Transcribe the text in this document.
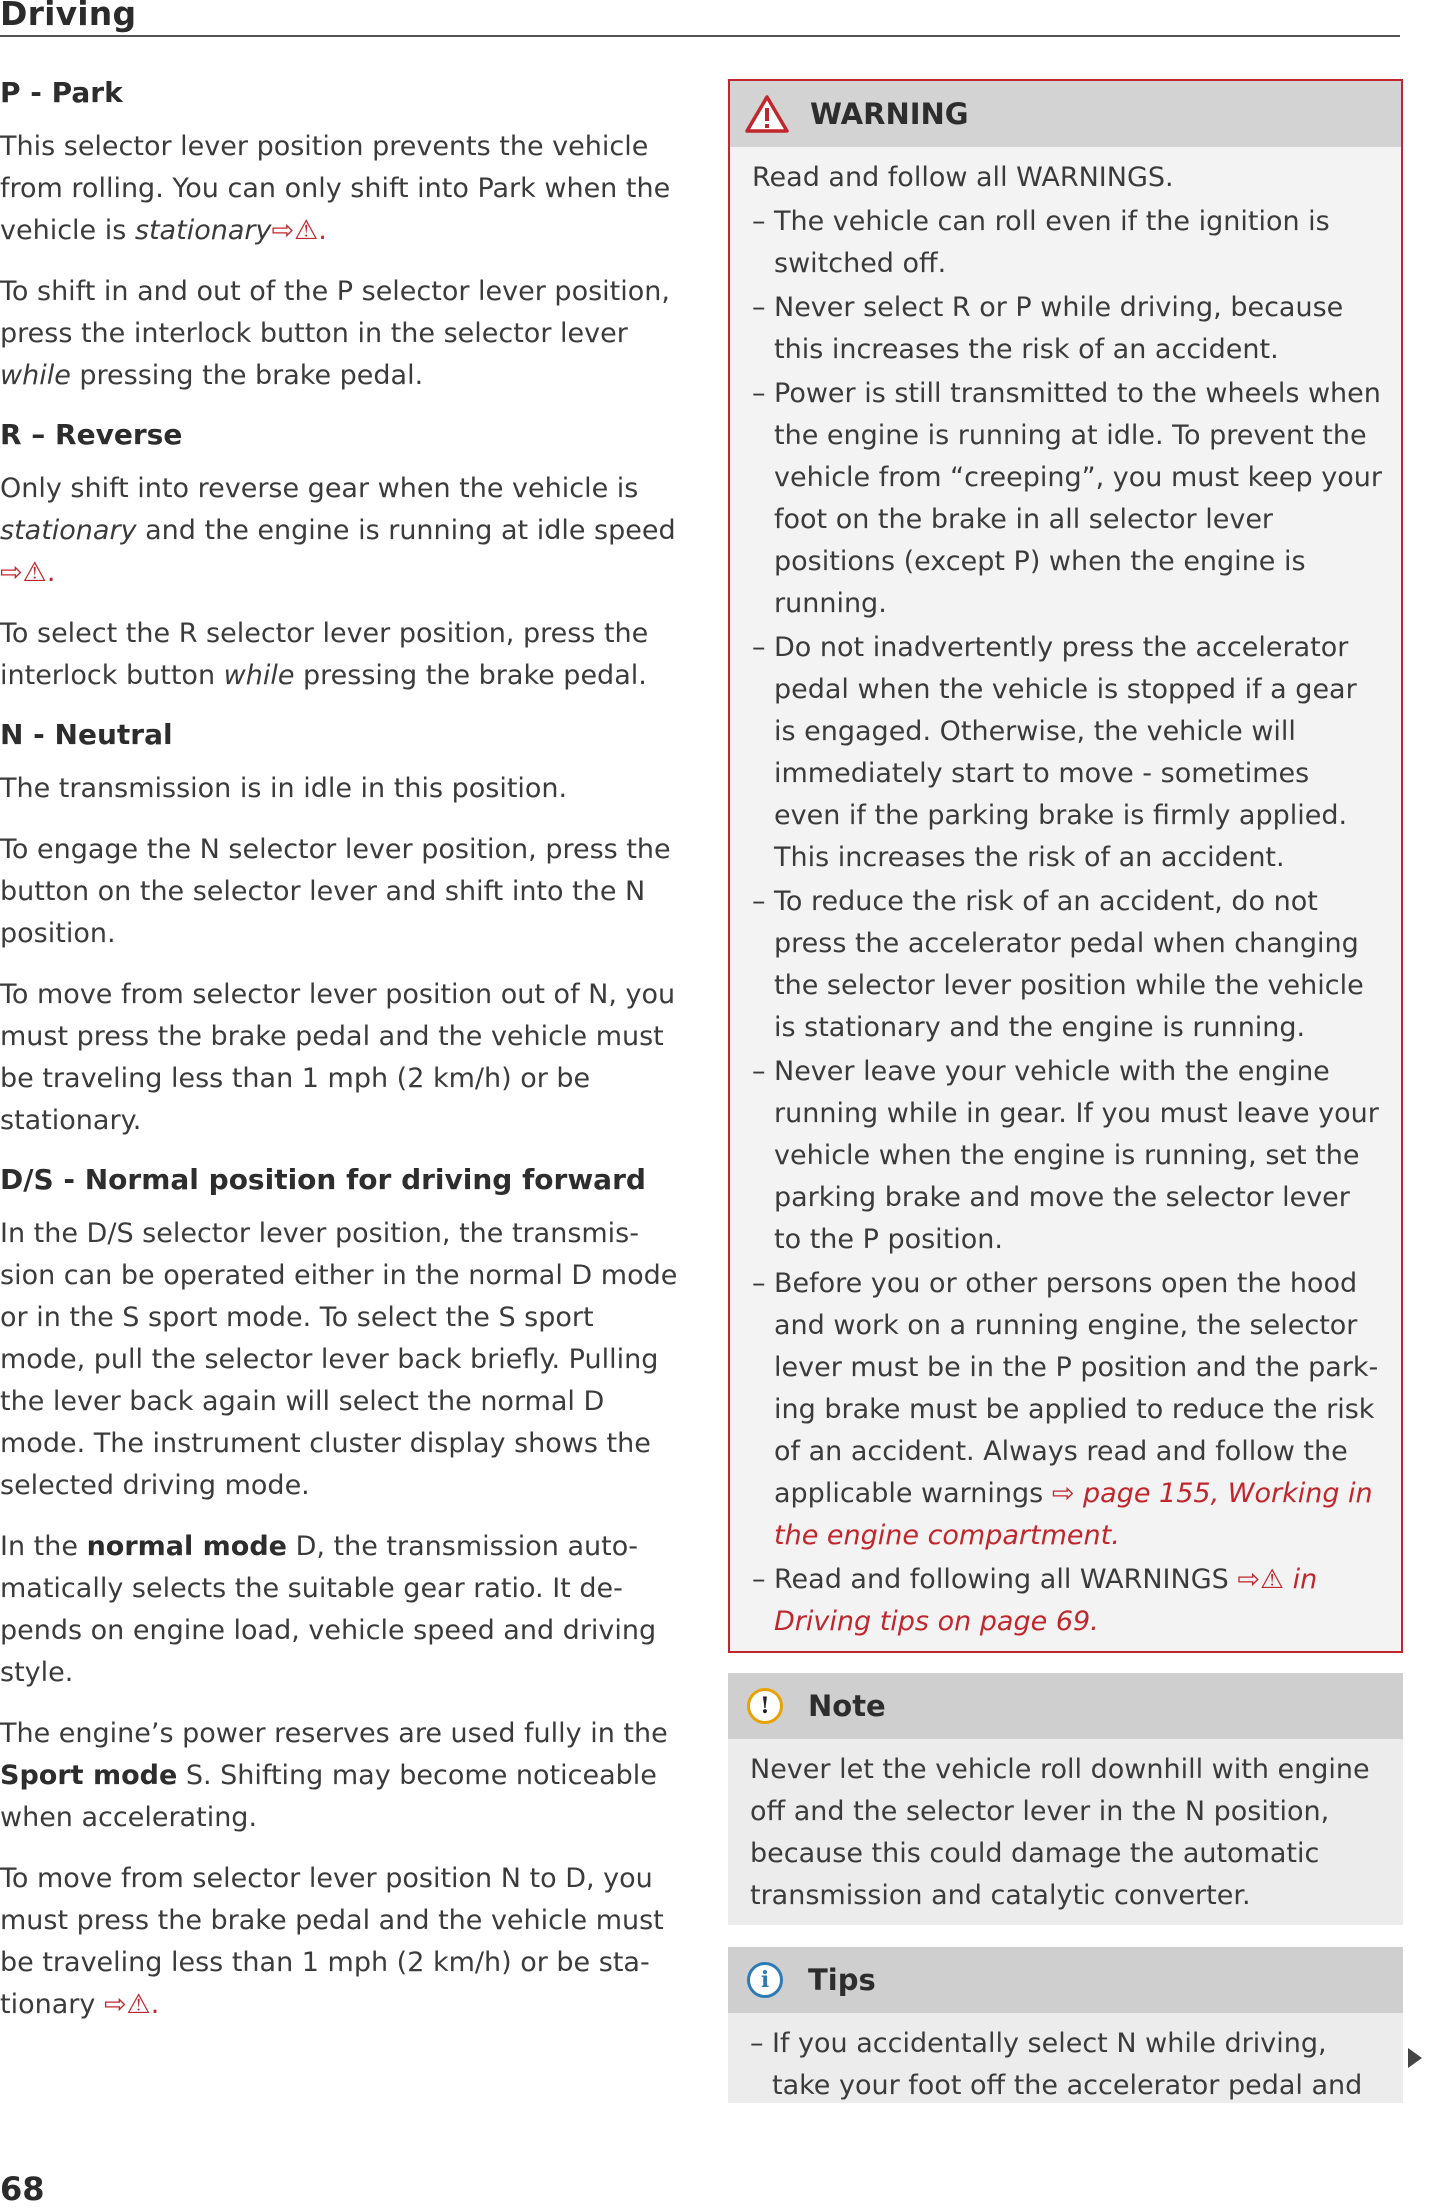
Driving
P - Park

This selector lever position prevents the vehicle from rolling. You can only shift into Park when the vehicle is stationary⇨⚠.

To shift in and out of the P selector lever position, press the interlock button in the selector lever while pressing the brake pedal.

R – Reverse

Only shift into reverse gear when the vehicle is stationary and the engine is running at idle speed ⇨⚠.

To select the R selector lever position, press the interlock button while pressing the brake pedal.

N - Neutral

The transmission is in idle in this position.

To engage the N selector lever position, press the button on the selector lever and shift into the N position.

To move from selector lever position out of N, you must press the brake pedal and the vehicle must be traveling less than 1 mph (2 km/h) or be stationary.

D/S - Normal position for driving forward

In the D/S selector lever position, the transmission can be operated either in the normal D mode or in the S sport mode. To select the S sport mode, pull the selector lever back briefly. Pulling the lever back again will select the normal D mode. The instrument cluster display shows the selected driving mode.

In the normal mode D, the transmission automatically selects the suitable gear ratio. It depends on engine load, vehicle speed and driving style.

The engine’s power reserves are used fully in the Sport mode S. Shifting may become noticeable when accelerating.

To move from selector lever position N to D, you must press the brake pedal and the vehicle must be traveling less than 1 mph (2 km/h) or be stationary ⇨⚠.

WARNING

Read and follow all WARNINGS.

– The vehicle can roll even if the ignition is switched off.
– Never select R or P while driving, because this increases the risk of an accident.
– Power is still transmitted to the wheels when the engine is running at idle. To prevent the vehicle from “creeping”, you must keep your foot on the brake in all selector lever positions (except P) when the engine is running.
– Do not inadvertently press the accelerator pedal when the vehicle is stopped if a gear is engaged. Otherwise, the vehicle will immediately start to move - sometimes even if the parking brake is firmly applied. This increases the risk of an accident.
– To reduce the risk of an accident, do not press the accelerator pedal when changing the selector lever position while the vehicle is stationary and the engine is running.
– Never leave your vehicle with the engine running while in gear. If you must leave your vehicle when the engine is running, set the parking brake and move the selector lever to the P position.
– Before you or other persons open the hood and work on a running engine, the selector lever must be in the P position and the parking brake must be applied to reduce the risk of an accident. Always read and follow the applicable warnings ⇨ page 155, Working in the engine compartment.
– Read and following all WARNINGS ⇨⚠ in Driving tips on page 69.
!	Note

Never let the vehicle roll downhill with engine off and the selector lever in the N position, because this could damage the automatic transmission and catalytic converter.

i	Tips
– If you accidentally select N while driving, take your foot off the accelerator pedal and
68
